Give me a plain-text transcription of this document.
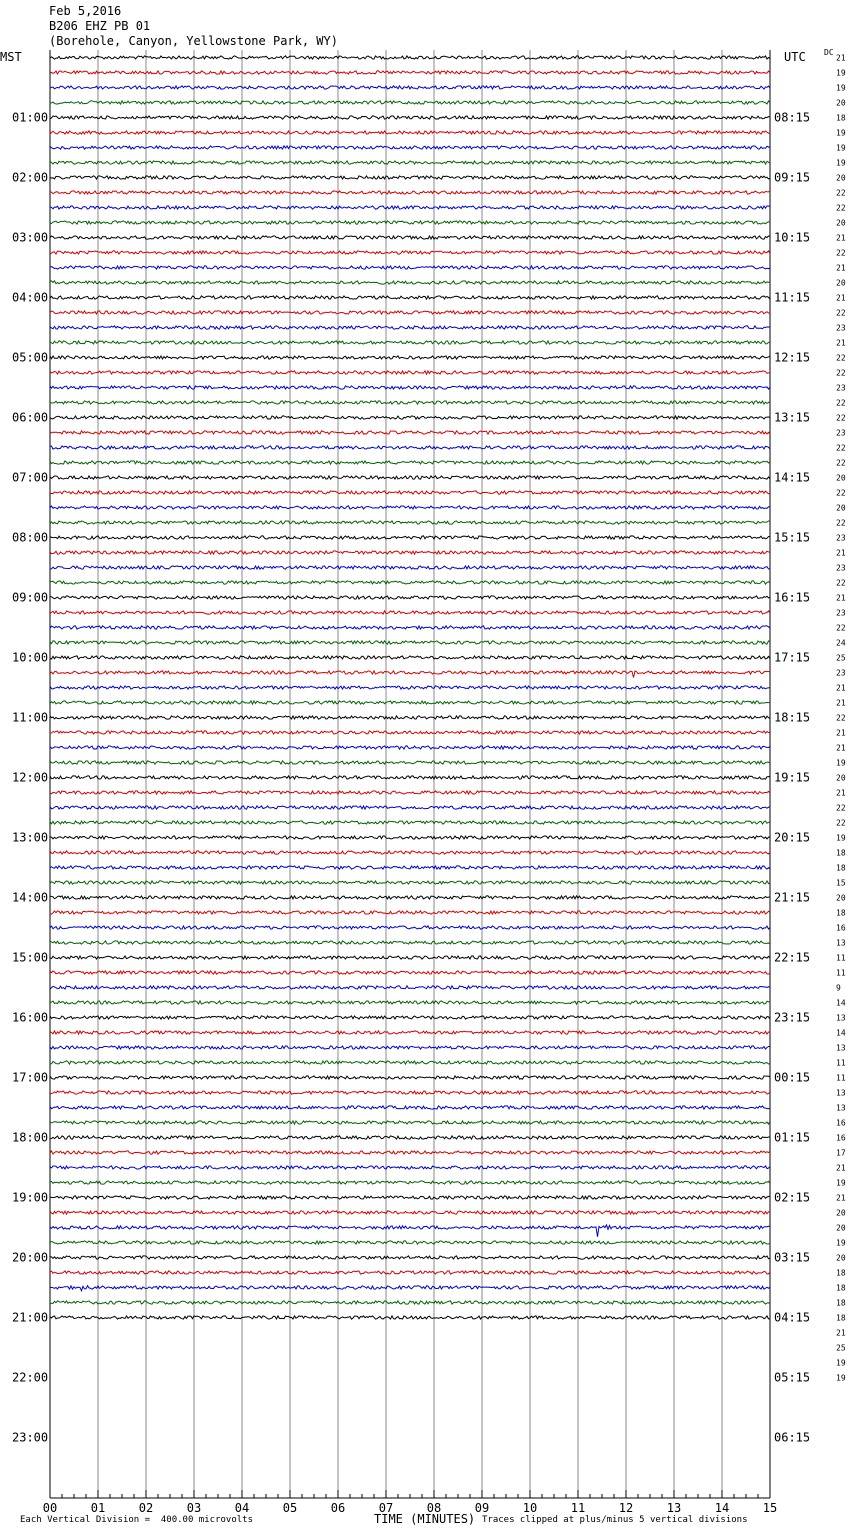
01:00
02:00
03:00
04:00
05:00
06:00
07:00
08:00
09:00
10:00
11:00
12:00
13:00
14:00
15:00
16:00
17:00
18:00
19:00
20:00
21:00
22:00
23:00
08:15
09:15
10:15
11:15
12:15
13:15
14:15
15:15
16:15
17:15
18:15
19:15
20:15
21:15
22:15
23:15
00:15
01:15
02:15
03:15
04:15
05:15
06:15
21
19
19
20
18
19
19
19
20
22
22
20
21
22
21
20
21
22
23
21
22
22
23
22
22
23
22
22
20
22
20
22
23
21
23
22
21
23
22
24
25
23
21
21
22
21
21
19
20
21
22
22
19
18
18
15
20
18
16
13
11
11
9
14
13
14
13
11
11
13
13
16
16
17
21
19
21
20
20
19
20
18
18
18
18
21
25
19
19
00	01	02	03	04	05	06	07	08	09	10	11	12	13	14	15
Feb 5,2016
B206 EHZ PB 01
(Borehole, Canyon, Yellowstone Park, WY)
MST	UTC DC
Each Vertical Division =  400.00 microvolts	TIME (MINUTES) Traces clipped at plus/minus 5 vertical divisions
